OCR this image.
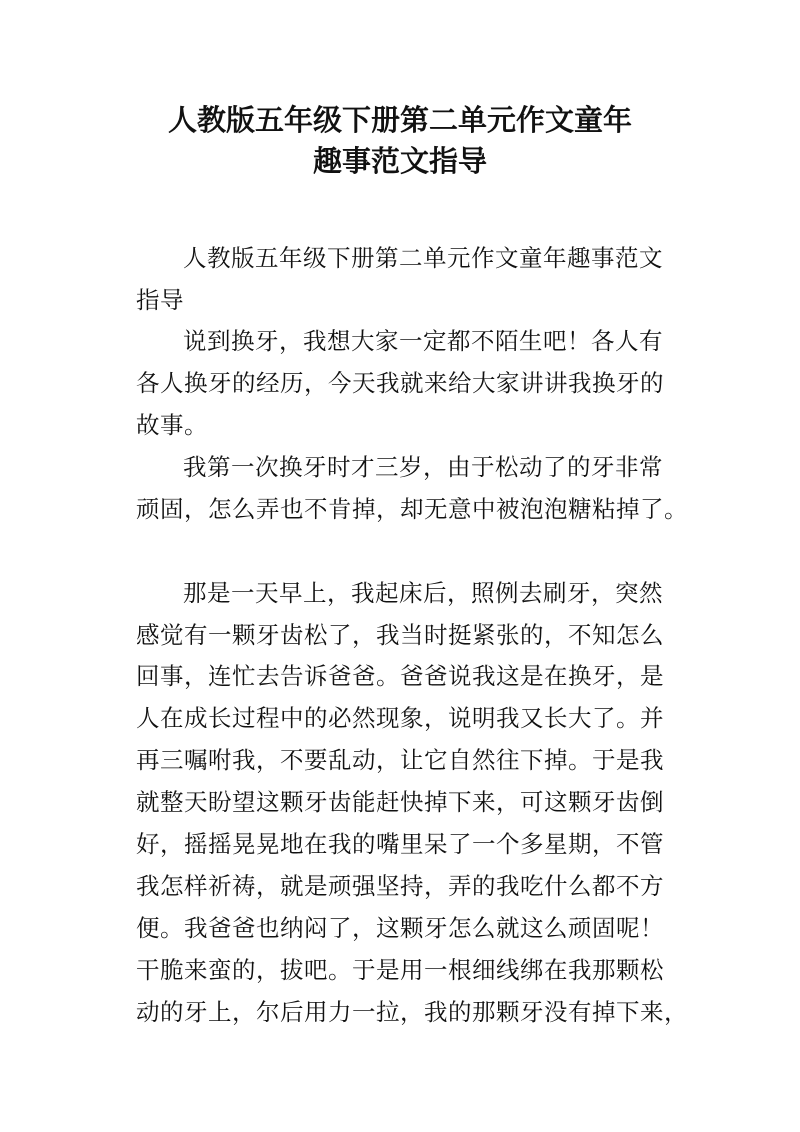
人教版五年级下册第二单元作文童年
趣事范文指导
人教版五年级下册第二单元作文童年趣事范文
指导
说到换牙，我想大家一定都不陌生吧！各人有
各人换牙的经历，今天我就来给大家讲讲我换牙的
故事。
我第一次换牙时才三岁，由于松动了的牙非常
顽固，怎么弄也不肯掉，却无意中被泡泡糖粘掉了。
那是一天早上，我起床后，照例去刷牙，突然
感觉有一颗牙齿松了，我当时挺紧张的，不知怎么
回事，连忙去告诉爸爸。爸爸说我这是在换牙，是
人在成长过程中的必然现象，说明我又长大了。并
再三嘱咐我，不要乱动，让它自然往下掉。于是我
就整天盼望这颗牙齿能赶快掉下来，可这颗牙齿倒
好，摇摇晃晃地在我的嘴里呆了一个多星期，不管
我怎样祈祷，就是顽强坚持，弄的我吃什么都不方
便。我爸爸也纳闷了，这颗牙怎么就这么顽固呢！
干脆来蛮的，拔吧。于是用一根细线绑在我那颗松
动的牙上，尔后用力一拉，我的那颗牙没有掉下来，
